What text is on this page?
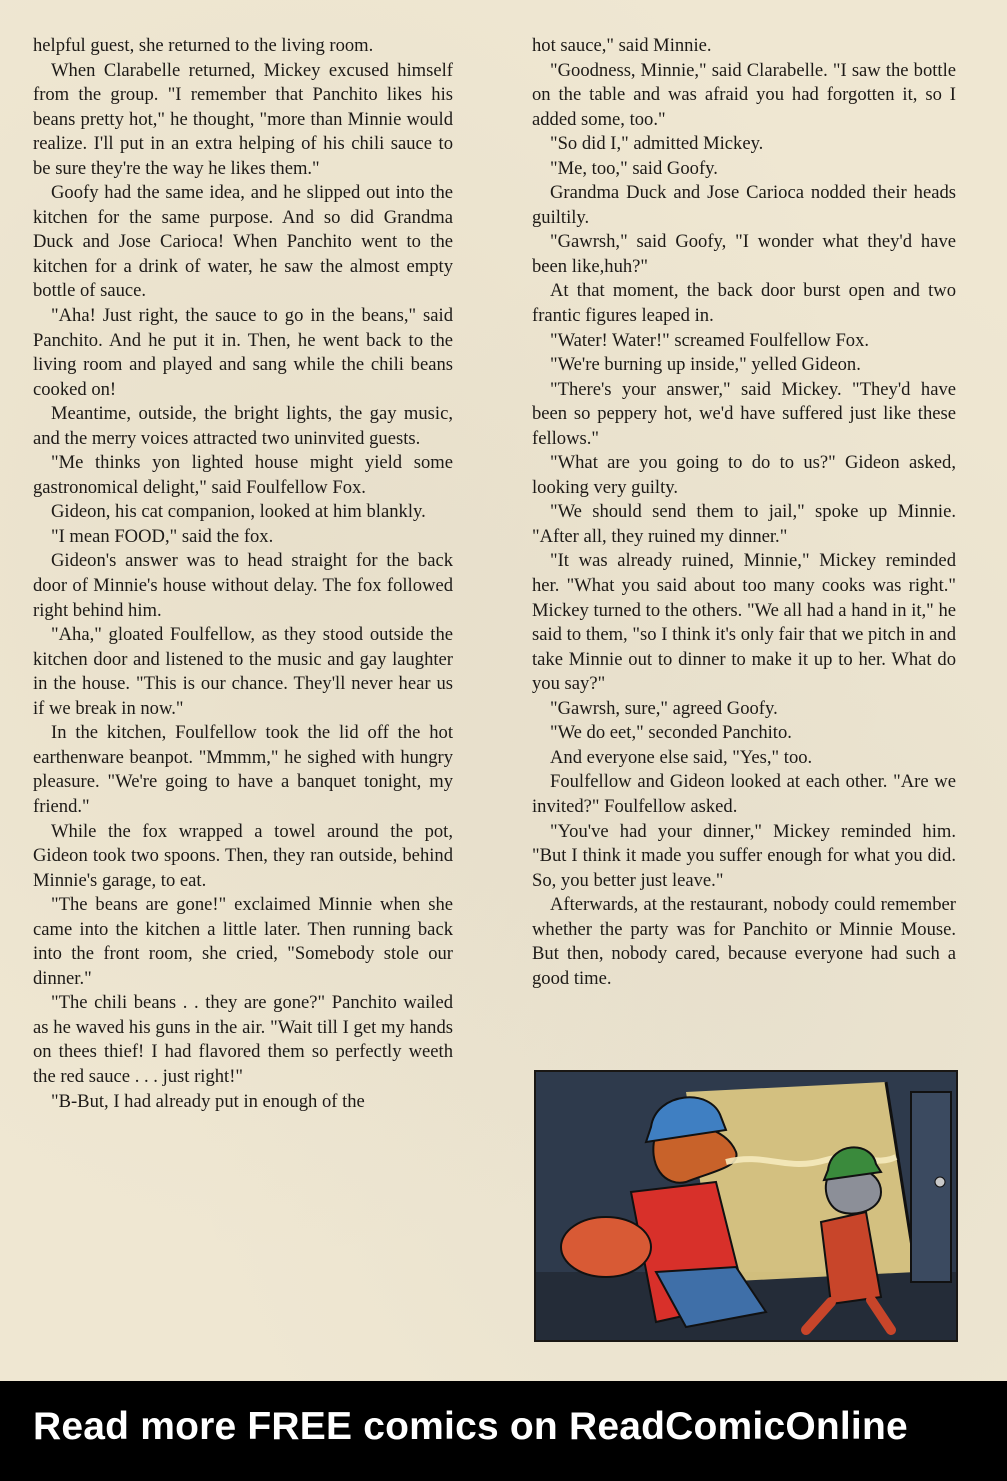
helpful guest, she returned to the living room.

When Clarabelle returned, Mickey excused himself from the group. "I remember that Panchito likes his beans pretty hot," he thought, "more than Minnie would realize. I'll put in an extra helping of his chili sauce to be sure they're the way he likes them."

Goofy had the same idea, and he slipped out into the kitchen for the same purpose. And so did Grandma Duck and Jose Carioca! When Panchito went to the kitchen for a drink of water, he saw the almost empty bottle of sauce.

"Aha! Just right, the sauce to go in the beans," said Panchito. And he put it in. Then, he went back to the living room and played and sang while the chili beans cooked on!

Meantime, outside, the bright lights, the gay music, and the merry voices attracted two uninvited guests.

"Me thinks yon lighted house might yield some gastronomical delight," said Foulfellow Fox.

Gideon, his cat companion, looked at him blankly.

"I mean FOOD," said the fox.

Gideon's answer was to head straight for the back door of Minnie's house without delay. The fox followed right behind him.

"Aha," gloated Foulfellow, as they stood outside the kitchen door and listened to the music and gay laughter in the house. "This is our chance. They'll never hear us if we break in now."

In the kitchen, Foulfellow took the lid off the hot earthenware beanpot. "Mmmm," he sighed with hungry pleasure. "We're going to have a banquet tonight, my friend."

While the fox wrapped a towel around the pot, Gideon took two spoons. Then, they ran outside, behind Minnie's garage, to eat.

"The beans are gone!" exclaimed Minnie when she came into the kitchen a little later. Then running back into the front room, she cried, "Somebody stole our dinner."

"The chili beans . . they are gone?" Panchito wailed as he waved his guns in the air. "Wait till I get my hands on thees thief! I had flavored them so perfectly weeth the red sauce . . . just right!"

"B-But, I had already put in enough of the

hot sauce," said Minnie.

"Goodness, Minnie," said Clarabelle. "I saw the bottle on the table and was afraid you had forgotten it, so I added some, too."

"So did I," admitted Mickey.

"Me, too," said Goofy.

Grandma Duck and Jose Carioca nodded their heads guiltily.

"Gawrsh," said Goofy, "I wonder what they'd have been like,huh?"

At that moment, the back door burst open and two frantic figures leaped in.

"Water! Water!" screamed Foulfellow Fox.

"We're burning up inside," yelled Gideon.

"There's your answer," said Mickey. "They'd have been so peppery hot, we'd have suffered just like these fellows."

"What are you going to do to us?" Gideon asked, looking very guilty.

"We should send them to jail," spoke up Minnie. "After all, they ruined my dinner."

"It was already ruined, Minnie," Mickey reminded her. "What you said about too many cooks was right." Mickey turned to the others. "We all had a hand in it," he said to them, "so I think it's only fair that we pitch in and take Minnie out to dinner to make it up to her. What do you say?"

"Gawrsh, sure," agreed Goofy.

"We do eet," seconded Panchito.

And everyone else said, "Yes," too.

Foulfellow and Gideon looked at each other. "Are we invited?" Foulfellow asked.

"You've had your dinner," Mickey reminded him. "But I think it made you suffer enough for what you did. So, you better just leave."

Afterwards, at the restaurant, nobody could remember whether the party was for Panchito or Minnie Mouse. But then, nobody cared, because everyone had such a good time.

Read more FREE comics on ReadComicOnline
